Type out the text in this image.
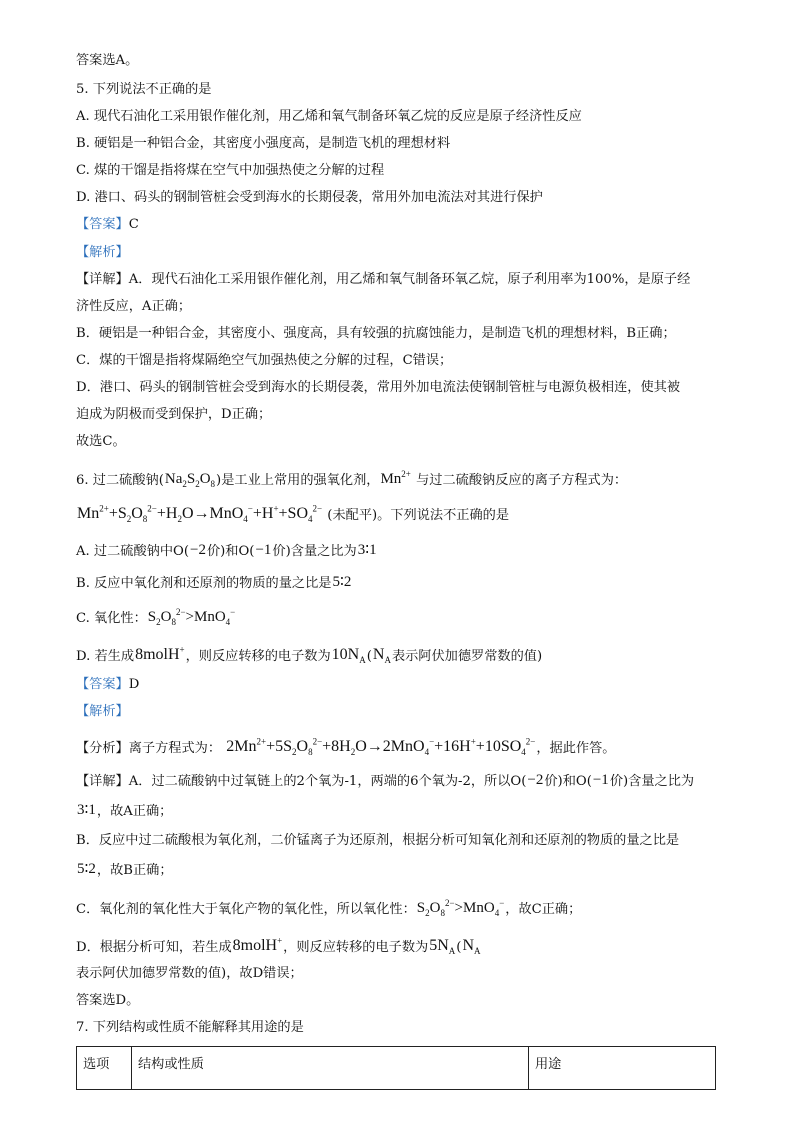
答案选A。
5. 下列说法不正确的是
A. 现代石油化工采用银作催化剂，用乙烯和氧气制备环氧乙烷的反应是原子经济性反应
B. 硬铝是一种铝合金，其密度小强度高，是制造飞机的理想材料
C. 煤的干馏是指将煤在空气中加强热使之分解的过程
D. 港口、码头的钢制管桩会受到海水的长期侵袭，常用外加电流法对其进行保护
【答案】C
【解析】
【详解】A．现代石油化工采用银作催化剂，用乙烯和氧气制备环氧乙烷，原子利用率为100%，是原子经
济性反应，A正确；
B．硬铝是一种铝合金，其密度小、强度高，具有较强的抗腐蚀能力，是制造飞机的理想材料，B正确；
C．煤的干馏是指将煤隔绝空气加强热使之分解的过程，C错误；
D．港口、码头的钢制管桩会受到海水的长期侵袭，常用外加电流法使钢制管桩与电源负极相连，使其被
迫成为阴极而受到保护，D正确；
故选C。
6. 过二硫酸钠$(Na_2S_2O_8)$是工业上常用的强氧化剂，$Mn^{2+}$ 与过二硫酸钠反应的离子方程式为：
$Mn^{2+}+S_2O_8^{2-}+H_2O\to MnO_4^-+H^++SO_4^{2-}$ (未配平)。下列说法不正确的是
A. 过二硫酸钠中O(−2价)和O(−1价)含量之比为3∶1
B. 反应中氧化剂和还原剂的物质的量之比是5∶2
C. 氧化性：$S_2O_8^{2-}>MnO_4^-$
D. 若生成8molH+，则反应转移的电子数为$10N_A(N_A$表示阿伏加德罗常数的值)
【答案】D
【解析】
【分析】离子方程式为： $2Mn^{2+}+5S_2O_8^{2-}+8H_2O\to 2MnO_4^-+16H^++10SO_4^{2-}$，据此作答。
【详解】A．过二硫酸钠中过氧链上的2个氧为-1，两端的6个氧为-2，所以O(−2价)和O(−1价)含量之比为
3∶1，故A正确；
B．反应中过二硫酸根为氧化剂，二价锰离子为还原剂，根据分析可知氧化剂和还原剂的物质的量之比是
5∶2，故B正确；
C．氧化剂的氧化性大于氧化产物的氧化性，所以氧化性：$S_2O_8^{2-}>MnO_4^-$，故C正确；
D．根据分析可知，若生成8molH+，则反应转移的电子数为$5N_A(N_A$
表示阿伏加德罗常数的值)，故D错误；
答案选D。
7. 下列结构或性质不能解释其用途的是
选项	结构或性质	用途
